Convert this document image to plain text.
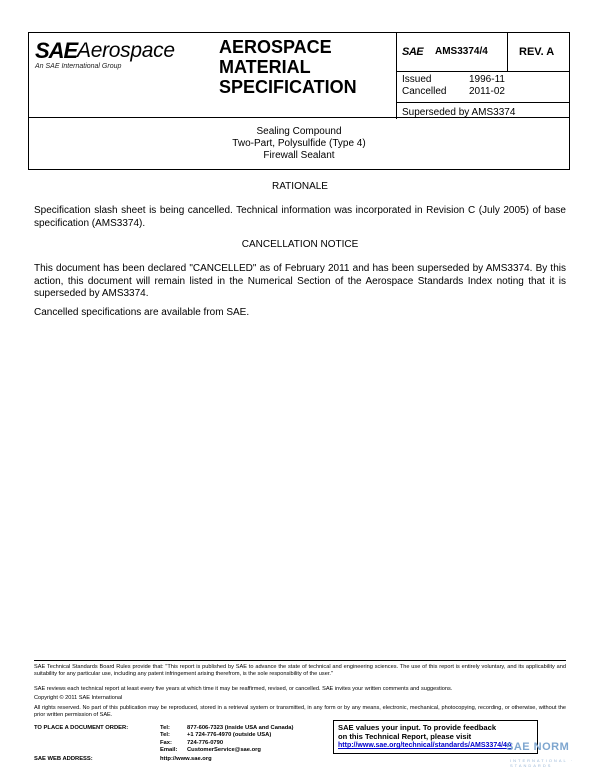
SAE Aerospace
An SAE International Group
AEROSPACE
MATERIAL
SPECIFICATION
SAE AMS3374/4	REV. A
Issued	1996-11
Cancelled 2011-02
Superseded by AMS3374
Sealing Compound
Two-Part, Polysulfide (Type 4)
Firewall Sealant
RATIONALE
Specification slash sheet is being cancelled. Technical information was incorporated in Revision C (July 2005) of base specification (AMS3374).
CANCELLATION NOTICE
This document has been declared "CANCELLED" as of February 2011 and has been superseded by AMS3374. By this action, this document will remain listed in the Numerical Section of the Aerospace Standards Index noting that it is superseded by AMS3374.
Cancelled specifications are available from SAE.
SAE Technical Standards Board Rules provide that: "This report is published by SAE to advance the state of technical and engineering sciences. The use of this report is entirely voluntary, and its applicability and suitability for any particular use, including any patent infringement arising therefrom, is the sole responsibility of the user."
SAE reviews each technical report at least every five years at which time it may be reaffirmed, revised, or cancelled. SAE invites your written comments and suggestions.
Copyright © 2011 SAE International
All rights reserved. No part of this publication may be reproduced, stored in a retrieval system or transmitted, in any form or by any means, electronic, mechanical, photocopying, recording, or otherwise, without the prior written permission of SAE.
TO PLACE A DOCUMENT ORDER:	Tel:	877-606-7323 (inside USA and Canada)
Tel:	+1 724-776-4970 (outside USA)
Fax:	724-776-0790
Email: CustomerService@sae.org
SAE WEB ADDRESS:	http://www.sae.org
SAE values your input. To provide feedback
on this Technical Report, please visit
http://www.sae.org/technical/standards/AMS3374/4A
SAE NORM
INTERNATIONAL · STANDARDS
